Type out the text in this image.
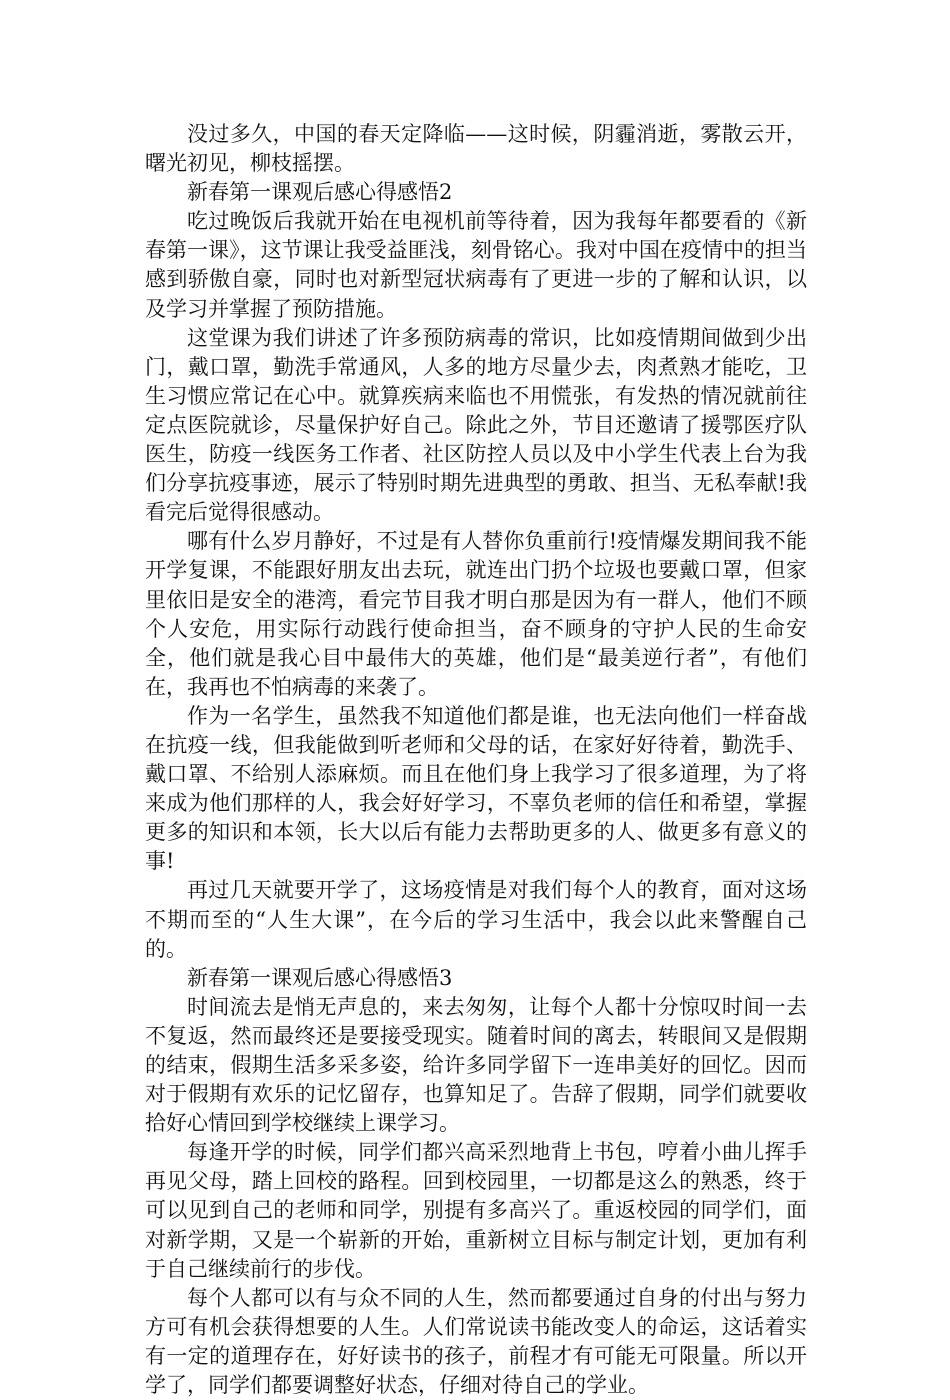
没过多久，中国的春天定降临——这时候，阴霾消逝，雾散云开，曙光初见，柳枝摇摆。

新春第一课观后感心得感悟2

吃过晚饭后我就开始在电视机前等待着，因为我每年都要看的《新春第一课》，这节课让我受益匪浅，刻骨铭心。我对中国在疫情中的担当感到骄傲自豪，同时也对新型冠状病毒有了更进一步的了解和认识，以及学习并掌握了预防措施。

这堂课为我们讲述了许多预防病毒的常识，比如疫情期间做到少出门，戴口罩，勤洗手常通风，人多的地方尽量少去，肉煮熟才能吃，卫生习惯应常记在心中。就算疾病来临也不用慌张，有发热的情况就前往定点医院就诊，尽量保护好自己。除此之外，节目还邀请了援鄂医疗队医生，防疫一线医务工作者、社区防控人员以及中小学生代表上台为我们分享抗疫事迹，展示了特别时期先进典型的勇敢、担当、无私奉献!我看完后觉得很感动。

哪有什么岁月静好，不过是有人替你负重前行!疫情爆发期间我不能开学复课，不能跟好朋友出去玩，就连出门扔个垃圾也要戴口罩，但家里依旧是安全的港湾，看完节目我才明白那是因为有一群人，他们不顾个人安危，用实际行动践行使命担当，奋不顾身的守护人民的生命安全，他们就是我心目中最伟大的英雄，他们是“最美逆行者”，有他们在，我再也不怕病毒的来袭了。

作为一名学生，虽然我不知道他们都是谁，也无法向他们一样奋战在抗疫一线，但我能做到听老师和父母的话，在家好好待着，勤洗手、戴口罩、不给别人添麻烦。而且在他们身上我学习了很多道理，为了将来成为他们那样的人，我会好好学习，不辜负老师的信任和希望，掌握更多的知识和本领，长大以后有能力去帮助更多的人、做更多有意义的事!

再过几天就要开学了，这场疫情是对我们每个人的教育，面对这场不期而至的“人生大课”，在今后的学习生活中，我会以此来警醒自己的。

新春第一课观后感心得感悟3

时间流去是悄无声息的，来去匆匆，让每个人都十分惊叹时间一去不复返，然而最终还是要接受现实。随着时间的离去，转眼间又是假期的结束，假期生活多采多姿，给许多同学留下一连串美好的回忆。因而对于假期有欢乐的记忆留存，也算知足了。告辞了假期，同学们就要收拾好心情回到学校继续上课学习。

每逢开学的时候，同学们都兴高采烈地背上书包，哼着小曲儿挥手再见父母，踏上回校的路程。回到校园里，一切都是这么的熟悉，终于可以见到自己的老师和同学，别提有多高兴了。重返校园的同学们，面对新学期，又是一个崭新的开始，重新树立目标与制定计划，更加有利于自己继续前行的步伐。

每个人都可以有与众不同的人生，然而都要通过自身的付出与努力方可有机会获得想要的人生。人们常说读书能改变人的命运，这话着实有一定的道理存在，好好读书的孩子，前程才有可能无可限量。所以开学了，同学们都要调整好状态，仔细对待自己的学业。
